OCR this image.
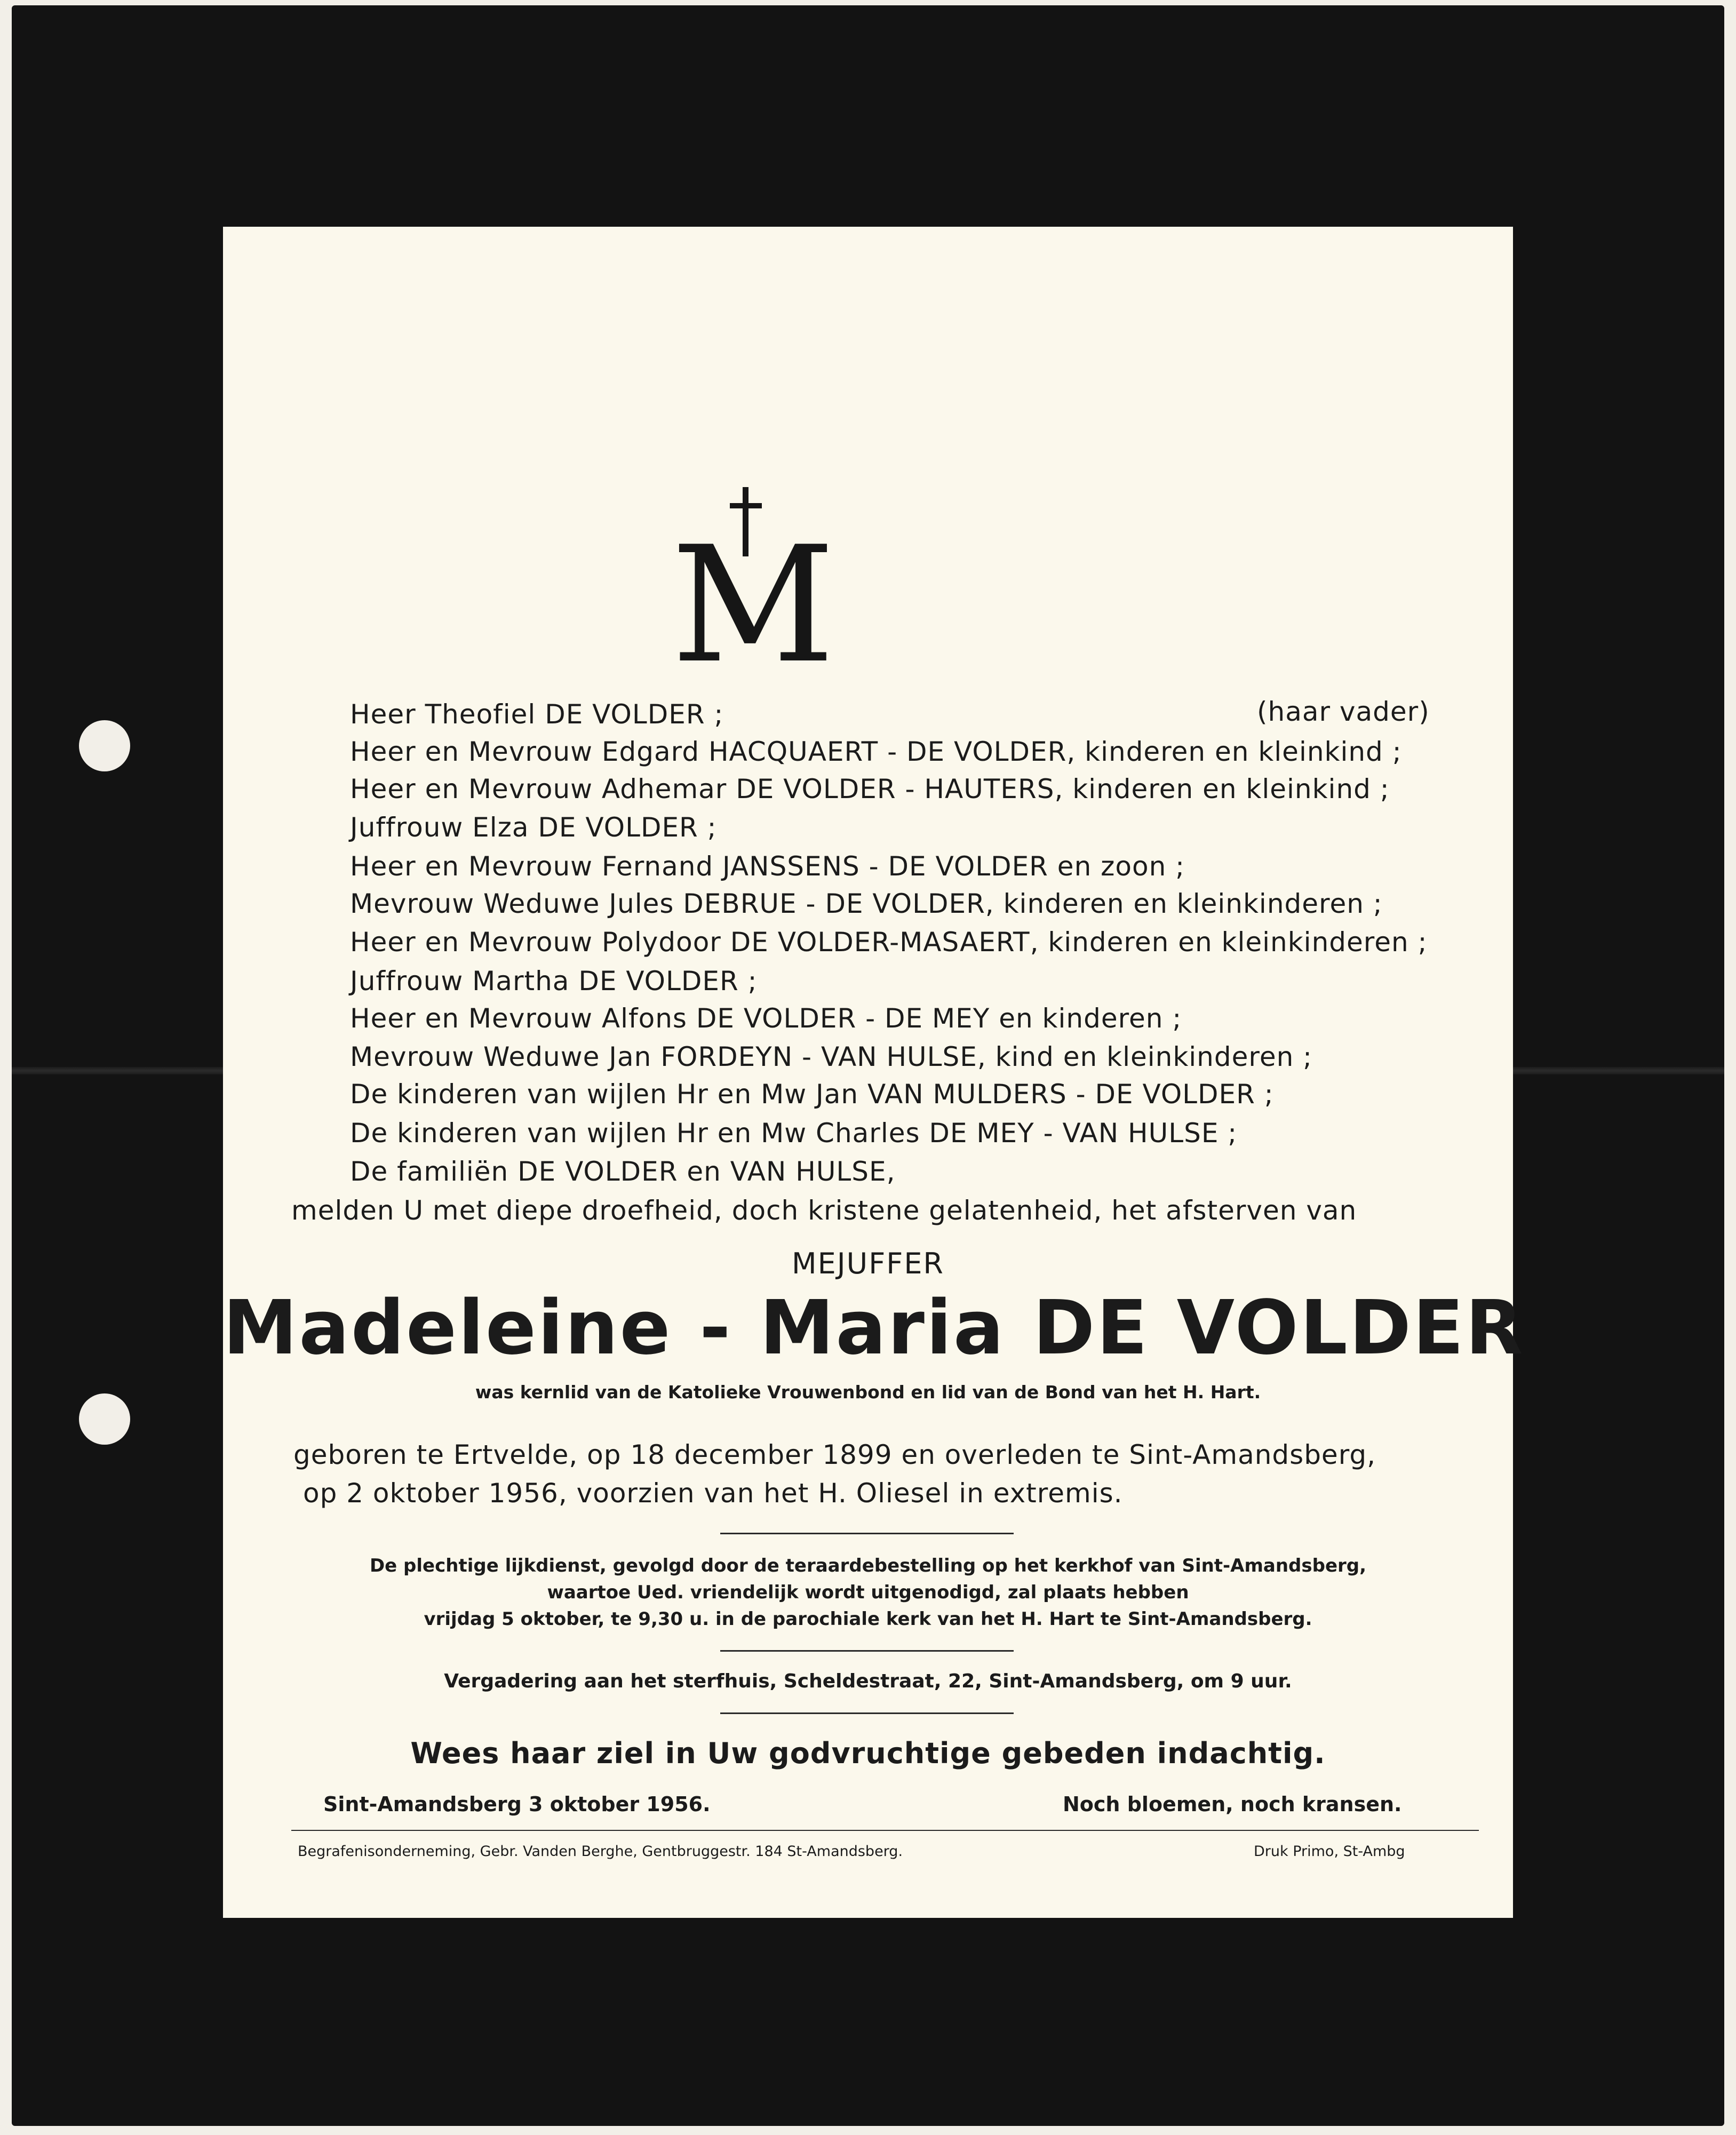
M
Heer Theofiel DE VOLDER ;	(haar vader)
Heer en Mevrouw Edgard HACQUAERT - DE VOLDER, kinderen en kleinkind ;
Heer en Mevrouw Adhemar DE VOLDER - HAUTERS, kinderen en kleinkind ;
Juffrouw Elza DE VOLDER ;
Heer en Mevrouw Fernand JANSSENS - DE VOLDER en zoon ;
Mevrouw Weduwe Jules DEBRUE - DE VOLDER, kinderen en kleinkinderen ;
Heer en Mevrouw Polydoor DE VOLDER-MASAERT, kinderen en kleinkinderen ;
Juffrouw Martha DE VOLDER ;
Heer en Mevrouw Alfons DE VOLDER - DE MEY en kinderen ;
Mevrouw Weduwe Jan FORDEYN - VAN HULSE, kind en kleinkinderen ;
De kinderen van wijlen Hr en Mw Jan VAN MULDERS - DE VOLDER ;
De kinderen van wijlen Hr en Mw Charles DE MEY - VAN HULSE ;
De familiën DE VOLDER en VAN HULSE,
melden U met diepe droefheid, doch kristene gelatenheid, het afsterven van
MEJUFFER
Madeleine - Maria DE VOLDER
was kernlid van de Katolieke Vrouwenbond en lid van de Bond van het H. Hart.
geboren te Ertvelde, op 18 december 1899 en overleden te Sint-Amandsberg,
op 2 oktober 1956, voorzien van het H. Oliesel in extremis.
De plechtige lijkdienst, gevolgd door de teraardebestelling op het kerkhof van Sint-Amandsberg,
waartoe Ued. vriendelijk wordt uitgenodigd, zal plaats hebben
vrijdag 5 oktober, te 9,30 u. in de parochiale kerk van het H. Hart te Sint-Amandsberg.
Vergadering aan het sterfhuis, Scheldestraat, 22, Sint-Amandsberg, om 9 uur.
Wees haar ziel in Uw godvruchtige gebeden indachtig.
Sint-Amandsberg 3 oktober 1956.	Noch bloemen, noch kransen.
Begrafenisonderneming, Gebr. Vanden Berghe, Gentbruggestr. 184 St-Amandsberg.	Druk Primo, St-Ambg
